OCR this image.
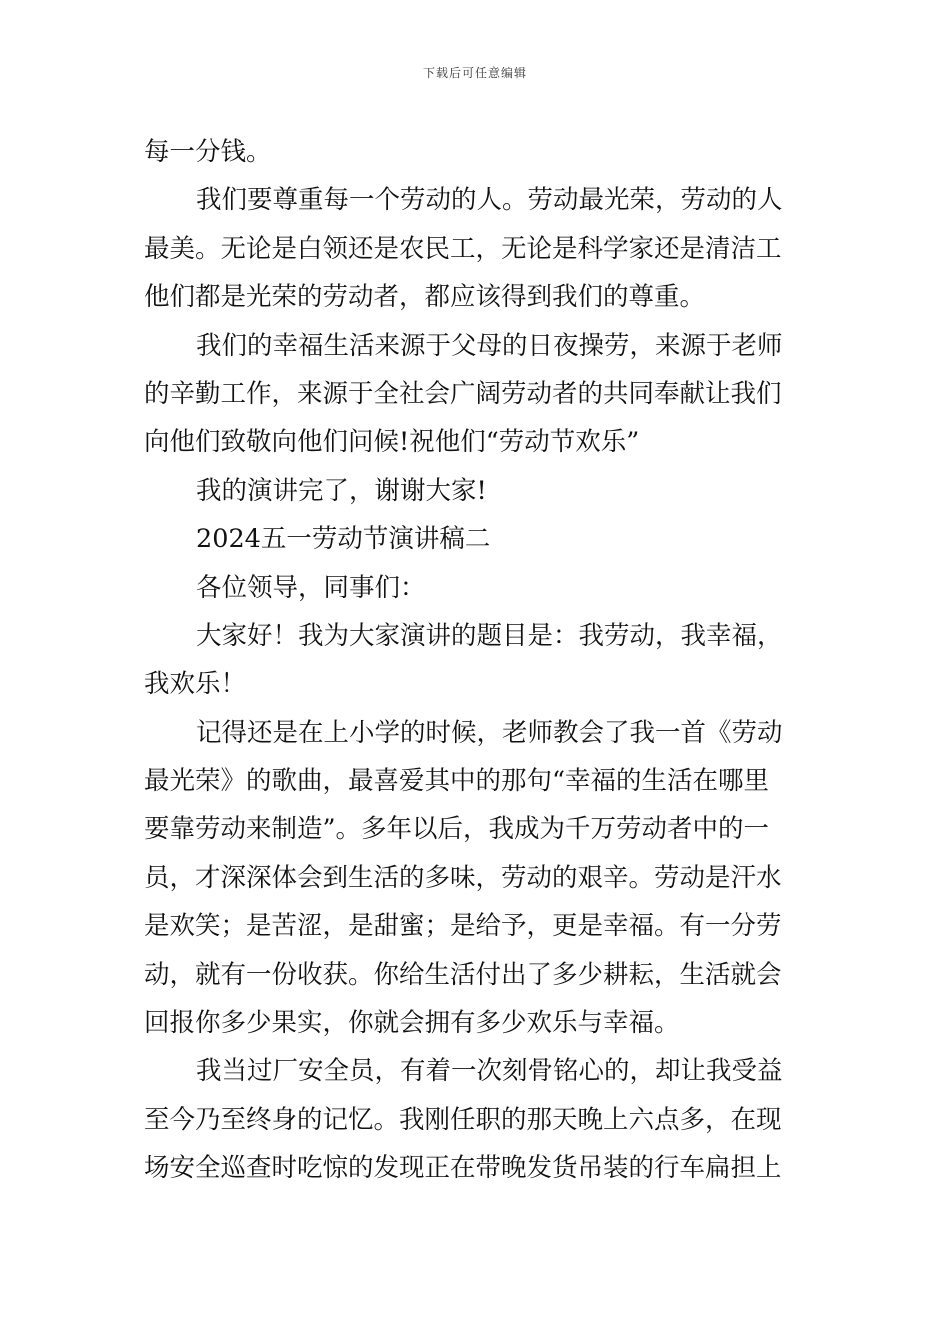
下载后可任意编辑
每一分钱。
我们要尊重每一个劳动的人。劳动最光荣，劳动的人
最美。无论是白领还是农民工，无论是科学家还是清洁工
他们都是光荣的劳动者，都应该得到我们的尊重。
我们的幸福生活来源于父母的日夜操劳，来源于老师
的辛勤工作，来源于全社会广阔劳动者的共同奉献让我们
向他们致敬向他们问候!祝他们“劳动节欢乐”
我的演讲完了，谢谢大家!
2024五一劳动节演讲稿二
各位领导，同事们：
大家好！我为大家演讲的题目是：我劳动，我幸福，
我欢乐！
记得还是在上小学的时候，老师教会了我一首《劳动
最光荣》的歌曲，最喜爱其中的那句“幸福的生活在哪里
要靠劳动来制造”。多年以后，我成为千万劳动者中的一
员，才深深体会到生活的多味，劳动的艰辛。劳动是汗水
是欢笑；是苦涩，是甜蜜；是给予，更是幸福。有一分劳
动，就有一份收获。你给生活付出了多少耕耘，生活就会
回报你多少果实，你就会拥有多少欢乐与幸福。
我当过厂安全员，有着一次刻骨铭心的，却让我受益
至今乃至终身的记忆。我刚任职的那天晚上六点多，在现
场安全巡查时吃惊的发现正在带晚发货吊装的行车扁担上
